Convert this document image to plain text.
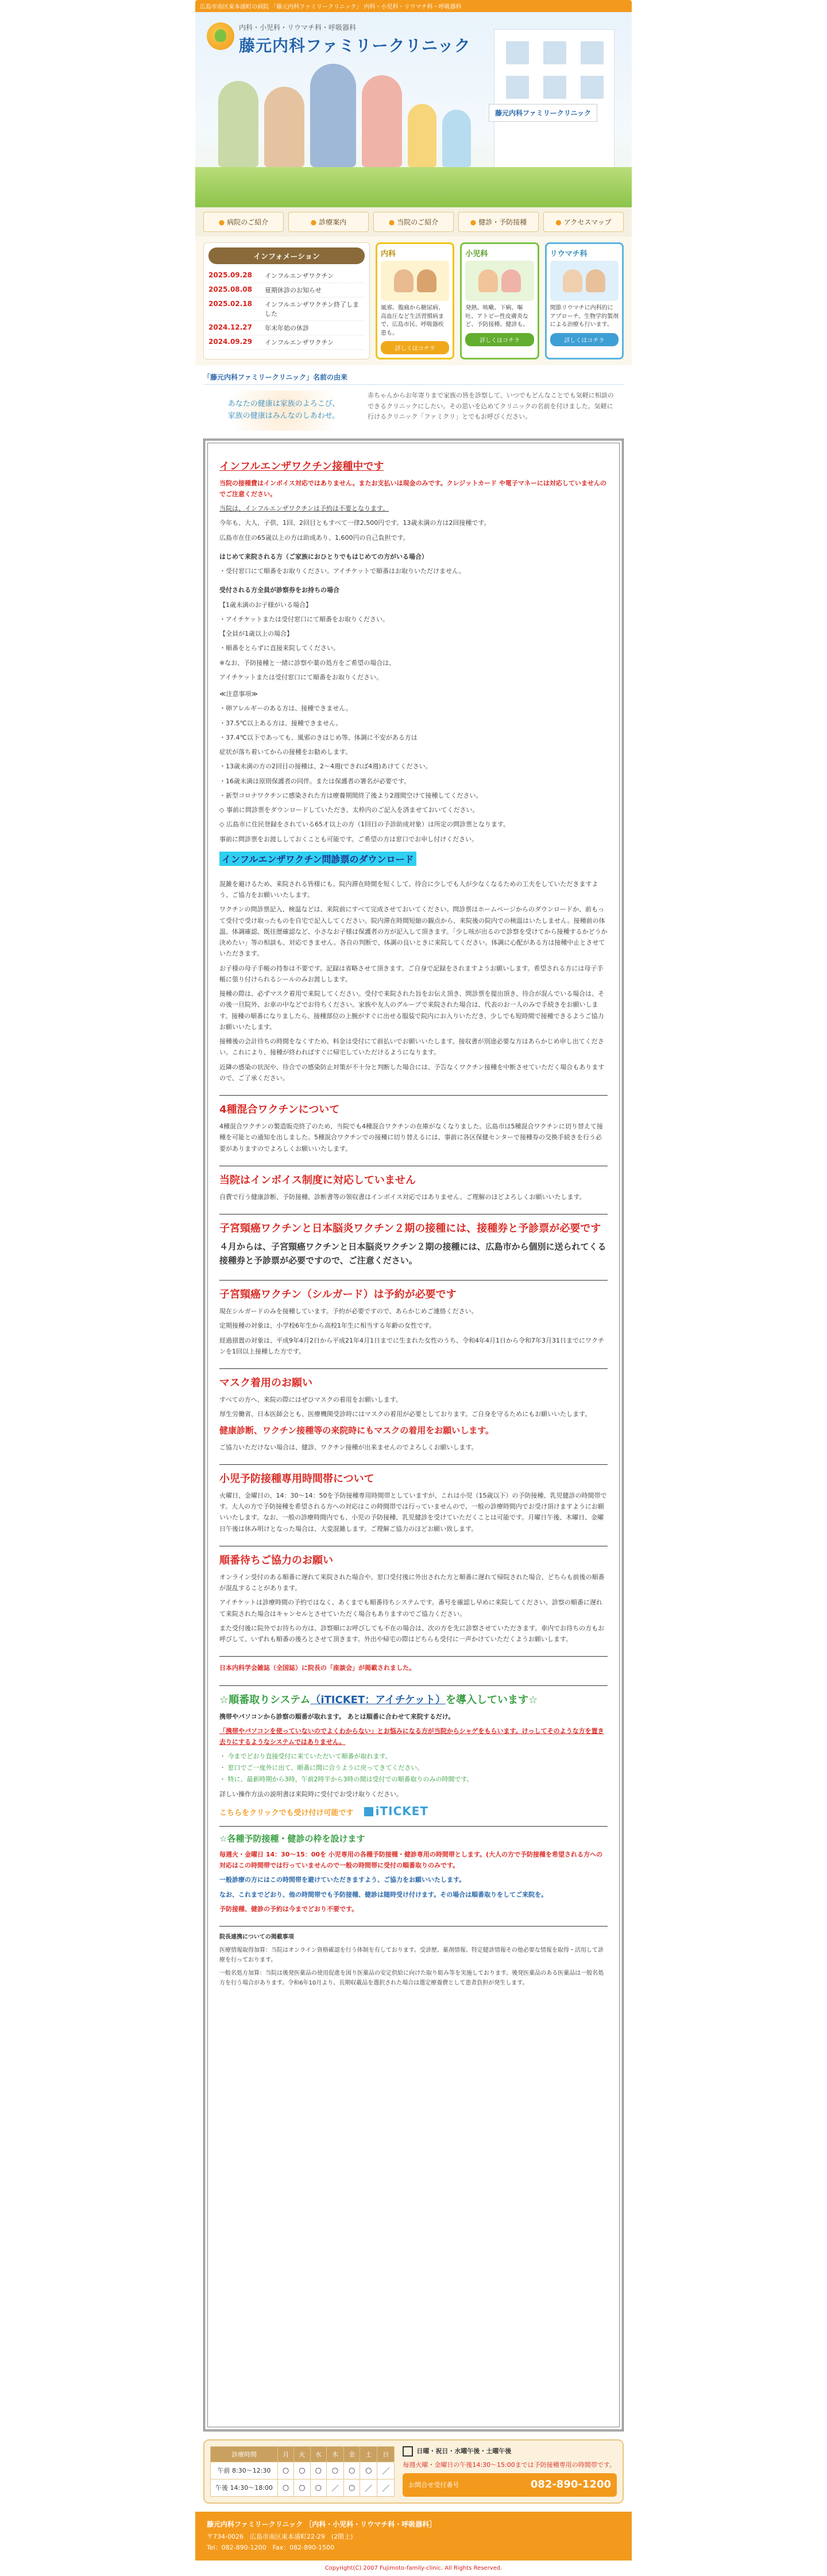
広島市南区東本浦町の病院 「藤元内科ファミリークリニック」 内科・小児科・リウマチ科・呼吸器科
内科・小児科・リウマチ科・呼吸器科
藤元内科ファミリークリニック
藤元内科ファミリークリニック
● 病院のご紹介	● 診療案内	● 当院のご紹介	● 健診・予防接種	● アクセスマップ
インフォメーション
2025.09.28	インフルエンザワクチン
2025.08.08	夏期休診のお知らせ
2025.02.18	インフルエンザワクチン終了しました
2024.12.27	年末年始の休診
2024.09.29	インフルエンザワクチン
内科

風邪、腹痛から糖尿病、高血圧など生活習慣病まで、広島市民、呼吸器疾患も。

詳しくはコチラ
小児科

発熱、咳嗽、下痢、嘔吐、アトピー性皮膚炎など、予防接種、健診も。

詳しくはコチラ
リウマチ科

関節リウマチに内科的にアプローチ。生物学的製剤による治療も行います。

詳しくはコチラ
「藤元内科ファミリークリニック」名前の由来
あなたの健康は家族のよろこび、
家族の健康はみんなのしあわせ。
赤ちゃんからお年寄りまで家族の皆を診察して、いつでもどんなことでも気軽に相談のできるクリニックにしたい。その思いを込めてクリニックの名前を付けました。気軽に行けるクリニック「ファミクリ」とでもお呼びください。
インフルエンザワクチン接種中です
当院の接種費はインボイス対応ではありません。またお支払いは現金のみです。クレジットカード や電子マネーには対応していませんのでご注意ください。
当院は、インフルエンザワクチンは予約は不要となります。
今年も、大人、子供、1回、2回目ともすべて一律2,500円です。13歳未満の方は2回接種です。
広島市在住の65歳以上の方は助成あり、1,600円の自己負担です。
はじめて来院される方（ご家族におひとりでもはじめての方がいる場合）
・受付窓口にて順番をお取りください。アイチケットで順番はお取りいただけません。
受付される方全員が診察券をお持ちの場合
【1歳未満のお子様がいる場合】
・アイチケットまたは受付窓口にて順番をお取りください。
【全員が1歳以上の場合】
・順番をとらずに直接来院してください。
※なお、予防接種と一緒に診察や薬の処方をご希望の場合は、
アイチケットまたは受付窓口にて順番をお取りください。
≪注意事項≫
・卵アレルギーのある方は、接種できません。
・37.5℃以上ある方は、接種できません。
・37.4℃以下であっても、風邪のきはじめ等、体調に不安がある方は
症状が落ち着いてからの接種をお勧めします。
・13歳未満の方の2回目の接種は、2〜4週(できれば4週)あけてください。
・16歳未満は原則保護者の同伴。または保護者の署名が必要です。
・新型コロナワクチンに感染された方は療養期間終了後より2週間空けて接種してください。
◇ 事前に問診票をダウンロードしていただき、太枠内のご記入を済ませておいてください。
◇ 広島市に住民登録をされている65才以上の方（1回目の予診助成対象）は所定の問診票となります。
事前に問診票をお渡ししておくことも可能です。ご希望の方は窓口でお申し付けください。
インフルエンザワクチン問診票のダウンロード
混雑を避けるため、来院される皆様にも、院内滞在時間を短くして、待合に少しでも人が少なくなるための工夫をしていただきますよう、ご協力をお願いいたします。
ワクチンの問診票記入、検温などは、来院前にすべて完成させておいてください。問診票はホームページからのダウンロードか、前もって受付で受け取ったものを自宅で記入してください。院内滞在時間短縮の観点から、来院後の院内での検温はいたしません。接種前の体温、体調確認、既往歴確認など、小さなお子様は保護者の方が記入して頂きます。「少し咳が出るので診察を受けてから接種するかどうか決めたい」等の相談も、対応できません。各自の判断で、体調の良いときに来院してください。体調に心配がある方は接種中止とさせていただきます。
お子様の母子手帳の持参は不要です。記録は省略させて頂きます。ご自身で記録をされますようお願いします。希望される方には母子手帳に張り付けられるシールのみお渡しします。
接種の際は、必ずマスク着用で来院してください。受付で来院された旨をお伝え頂き、問診票を提出頂き、待合が混んでいる場合は、その後一旦院外、お車の中などでお待ちください。家族や友人のグループで来院された場合は、代表のお一人のみで手続きをお願いします。接種の順番になりましたら、接種部位の上腕がすぐに出せる服装で院内にお入りいただき、少しでも短時間で接種できるようご協力お願いいたします。
接種後の会計待ちの時間をなくすため、料金は受付にて前払いでお願いいたします。接収書が別途必要な方はあらかじめ申し出てください。これにより、接種が終わればすぐに帰宅していただけるようになります。
近隣の感染の状況や、待合での感染防止対策が不十分と判断した場合には、予告なくワクチン接種を中断させていただく場合もありますので、ご了承ください。
4種混合ワクチンについて
4種混合ワクチンの製造販売終了のため、当院でも4種混合ワクチンの在庫がなくなりました。広島市は5種混合ワクチンに切り替えて接種を可能との通知を出しました。5種混合ワクチンでの接種に切り替えるには、事前に各区保健センターで接種券の交換手続きを行う必要がありますのでよろしくお願いいたします。
当院はインボイス制度に対応していません
自費で行う健康診断、予防接種、診断書等の領収書はインボイス対応ではありません。ご理解のほどよろしくお願いいたします。
子宮頸癌ワクチンと日本脳炎ワクチン２期の接種には、接種券と予診票が必要です
４月からは、子宮頸癌ワクチンと日本脳炎ワクチン２期の接種には、広島市から個別に送られてくる接種券と予診票が必要ですので、ご注意ください。
子宮頸癌ワクチン（シルガード）は予約が必要です
現在シルガードのみを接種しています。予約が必要ですので、あらかじめご連絡ください。
定期接種の対象は、小学校6年生から高校1年生に相当する年齢の女性です。
経過措置の対象は、平成9年4月2日から平成21年4月1日までに生まれた女性のうち、令和4年4月1日から令和7年3月31日までにワクチンを1回以上接種した方です。
マスク着用のお願い
すべての方へ、来院の際にはぜひマスクの着用をお願いします。
厚生労働省、日本医師会とも、医療機関受診時にはマスクの着用が必要としております。ご自身を守るためにもお願いいたします。
健康診断、ワクチン接種等の来院時にもマスクの着用をお願いします。
ご協力いただけない場合は、健診、ワクチン接種が出来ませんのでよろしくお願いします。
小児予防接種専用時間帯について
火曜日、金曜日の、14：30〜14：50を予防接種専用時間帯としていますが、これは小児（15歳以下）の予防接種、乳児健診の時間帯です。大人の方で予防接種を希望される方への対応はこの時間帯では行っていませんので、一般の診療時間内でお受け頂けますようにお願いいたします。なお、一般の診療時間内でも、小児の予防接種、乳児健診を受けていただくことは可能です。月曜日午後、木曜日、金曜日午後は休み明けとなった場合は、大変混雑します。ご理解ご協力のほどお願い致します。
順番待ちご協力のお願い
オンライン受付のある順番に遅れて来院された場合や、窓口受付後に外出された方と順番に遅れて帰院された場合、どちらも前後の順番が混乱することがあります。
アイチケットは診療時間の予約ではなく、あくまでも順番待ちシステムです。番号を確認し早めに来院してください。診察の順番に遅れて来院された場合はキャンセルとさせていただく場合もありますのでご協力ください。
また受付後に院外でお待ちの方は、診察順にお呼びしても不在の場合は、次の方を先に診察させていただきます。車内でお待ちの方もお呼びして、いずれも順番の後ろとさせて頂きます。外出や帰宅の際はどちらも受付に一声かけていただくようお願いします。
日本内科学会雑誌（全国誌）に院長の「座談会」が掲載されました。
☆順番取りシステム（iTICKET：アイチケット）を導入しています☆
携帯やパソコンから診察の順番が取れます。 あとは順番に合わせて来院するだけ。
「携帯やパソコンを使っていないのでよくわからない」とお悩みになる方が当院からシャゲをもらいます。けっしてそのような方を置き去りにするようなシステムではありません。
・ 今までどおり直接受付に来ていただいて順番が取れます。
・ 窓口でご一度外に出て、順番に間に合うように戻ってきてください。
・ 特に、最新時期から3時、午前2時半から3時の間は受付での順番取りのみの時間です。
詳しい操作方法の説明書は来院時に受付でお受け取りください。
こちらをクリックでも受け付け可能です iTICKET
☆各種予防接種・健診の枠を設けます
毎週火・金曜日 14：30〜15：00を 小児専用の各種予防接種・健診専用の時間帯とします。(大人の方で予防接種を希望される方への対応はこの時間帯では行っていませんので一般の時間帯に受付の順番取りのみです。
一般診療の方にはこの時間帯を避けていただきますよう、ご協力をお願いいたします。
なお、これまでどおり、他の時間帯でも予防接種、健診は随時受け付けます。その場合は順番取りをしてご来院を。
予防接種、健診の予約は今までどおり不要です。
院長連携についての掲載事項
医療情報取得加算：当院はオンライン資格確認を行う体制を有しております。受診歴、薬剤情報、特定健診情報その他必要な情報を取得・活用して診療を行っております。
一般名処方加算：当院は後発医薬品の使用促進を図り医薬品の安定供給に向けた取り組み等を実施しております。後発医薬品のある医薬品は一般名処方を行う場合があります。令和6年10月より、長期収載品を選択された場合は選定療養費として患者負担が発生します。
診療時間	月	火	水	木	金	土	日
午前 8:30〜12:30	○	○	○	○	○	○	／
午後 14:30〜18:00	○	○	○	／	○	／	／
日曜・祝日・水曜午後・土曜午後
毎週火曜・金曜日の午後14:30〜15:00までは予防接種専用の時間帯です。
お問合せ受付番号	082-890-1200
藤元内科ファミリークリニック ［内科・小児科・リウマチ科・呼吸器科］
〒734-0026　広島市南区東本浦町22-29　(2階上)
Tel：082-890-1200　Fax：082-890-1500
Copyright(C) 2007 Fujimoto-family-clinic. All Rights Reserved.
